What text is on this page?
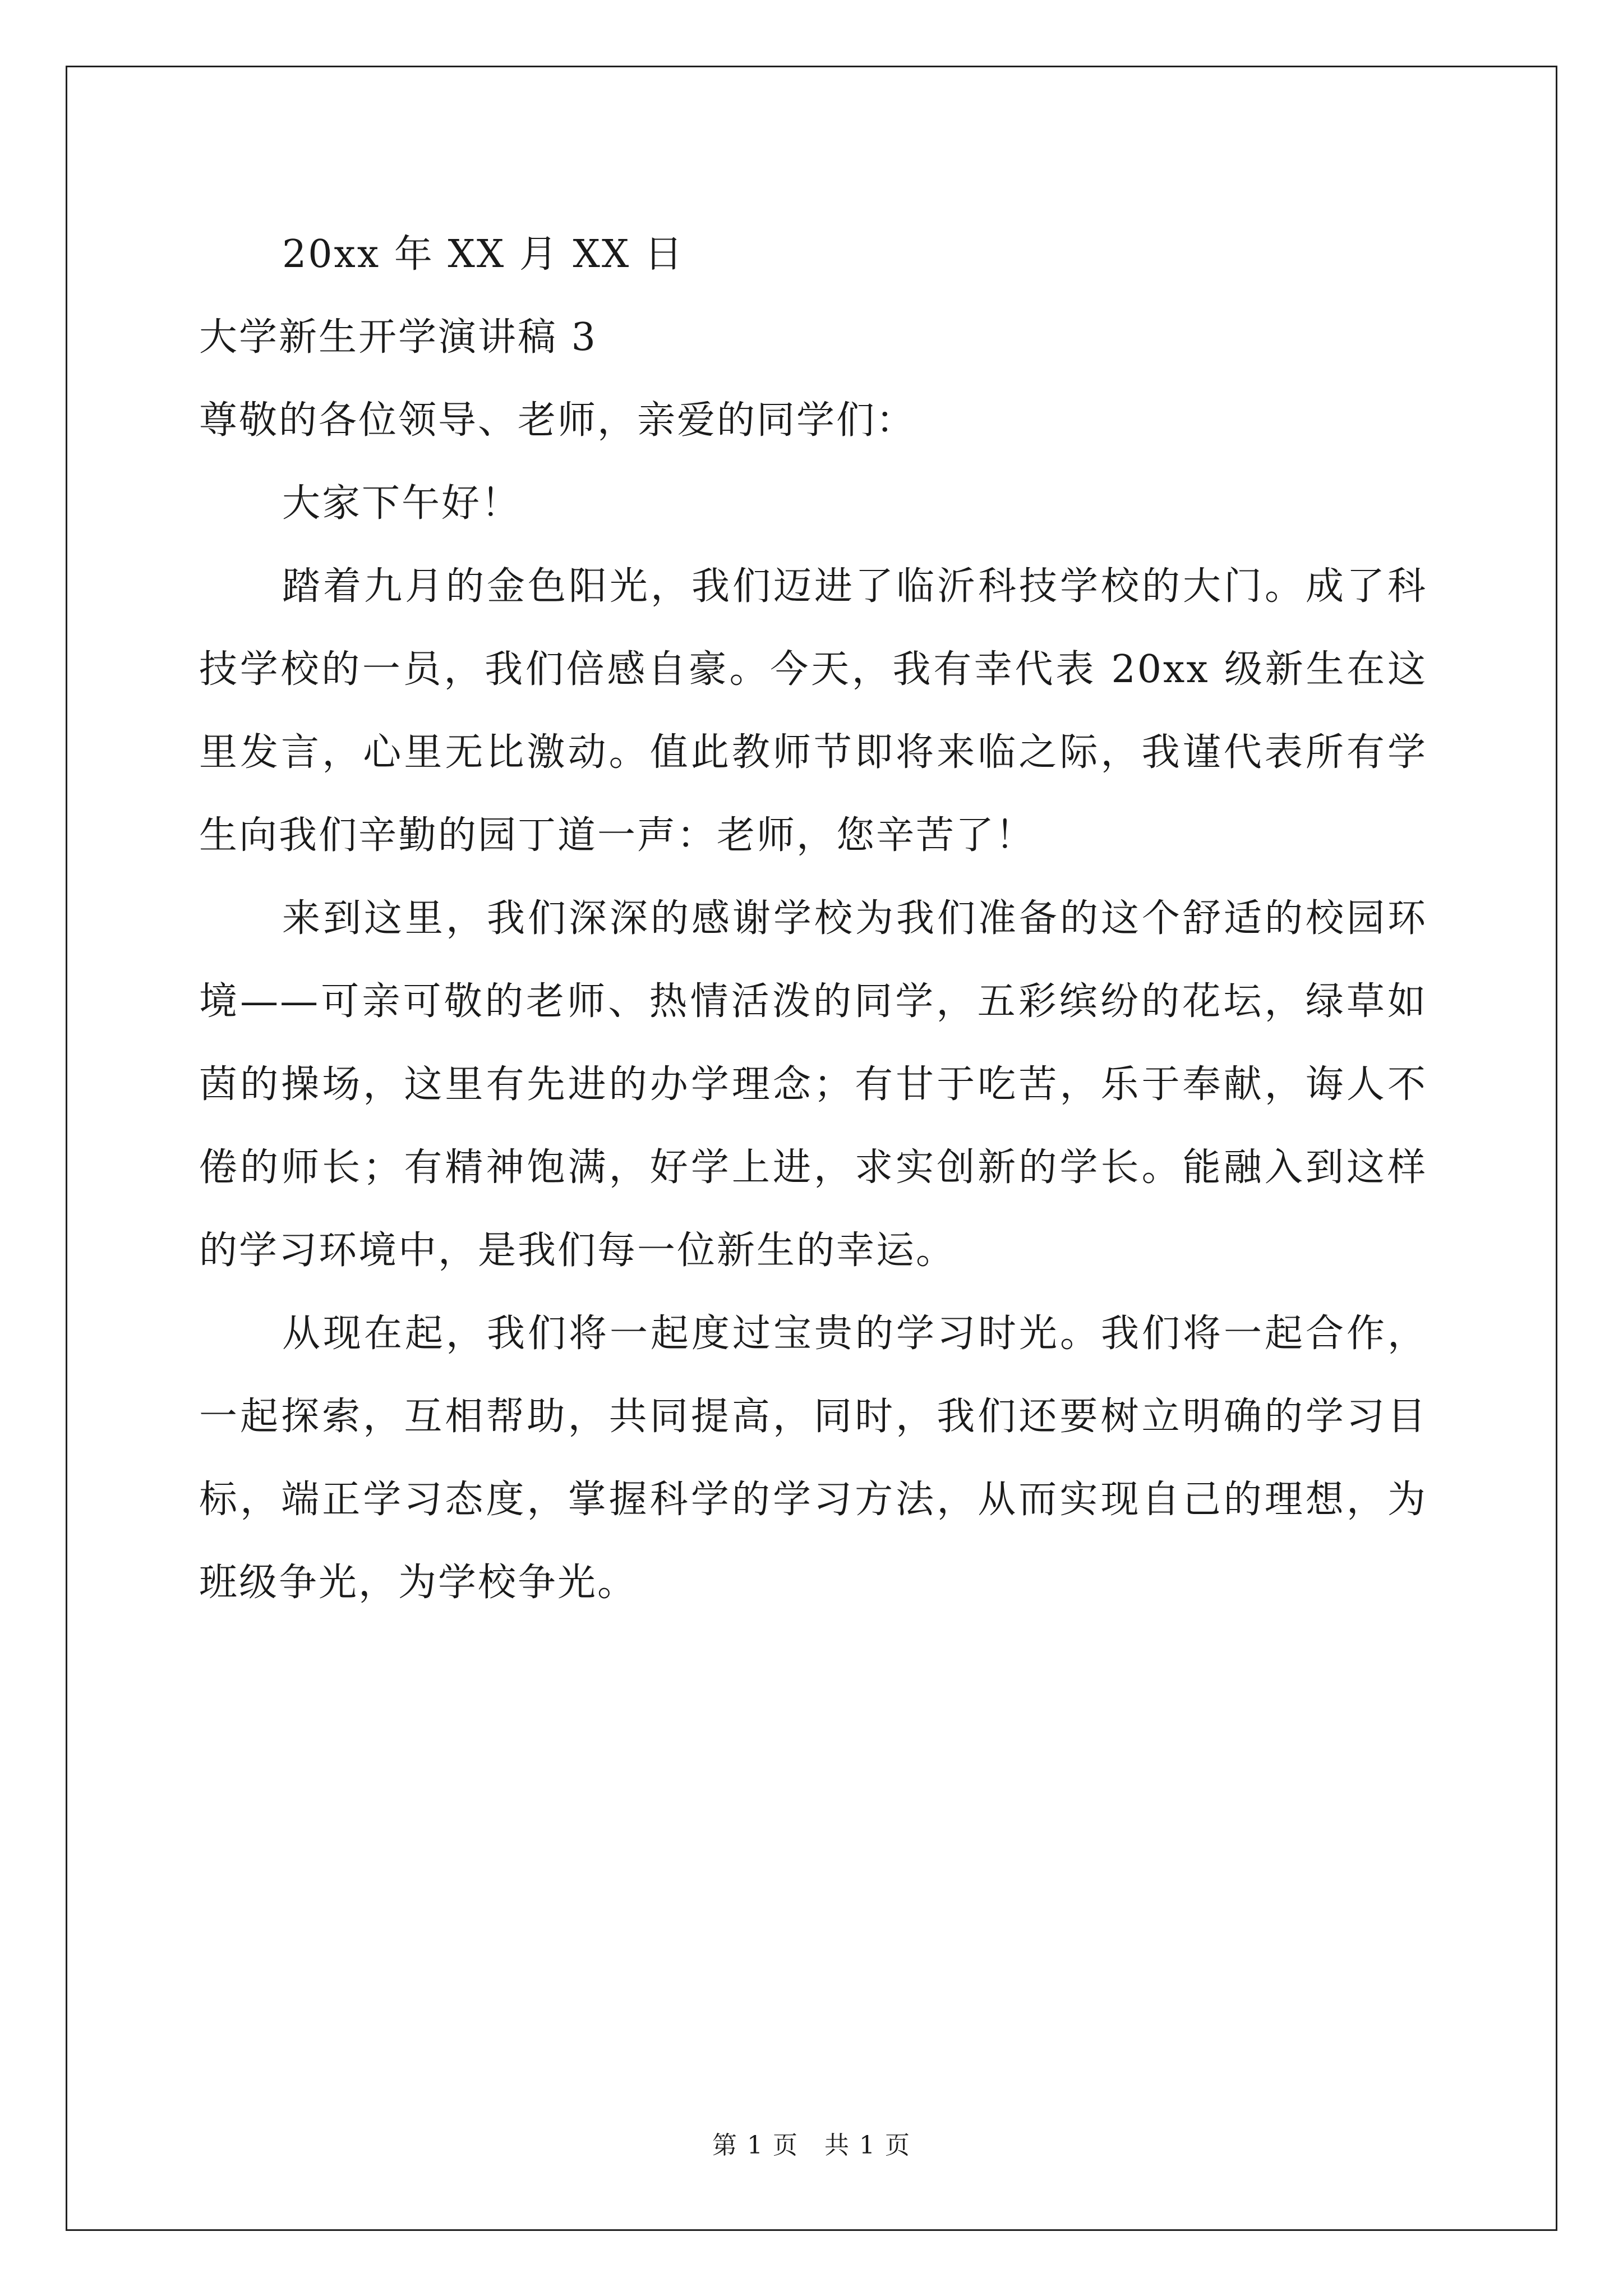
20xx 年 XX 月 XX 日

大学新生开学演讲稿 3

尊敬的各位领导、老师，亲爱的同学们：

大家下午好！

踏着九月的金色阳光，我们迈进了临沂科技学校的大门。成了科技学校的一员，我们倍感自豪。今天，我有幸代表 20xx 级新生在这里发言，心里无比激动。值此教师节即将来临之际，我谨代表所有学生向我们辛勤的园丁道一声：老师，您辛苦了！

来到这里，我们深深的感谢学校为我们准备的这个舒适的校园环境——可亲可敬的老师、热情活泼的同学，五彩缤纷的花坛，绿草如茵的操场，这里有先进的办学理念；有甘于吃苦，乐于奉献，诲人不倦的师长；有精神饱满，好学上进，求实创新的学长。能融入到这样的学习环境中，是我们每一位新生的幸运。

从现在起，我们将一起度过宝贵的学习时光。我们将一起合作，一起探索，互相帮助，共同提高，同时，我们还要树立明确的学习目标，端正学习态度，掌握科学的学习方法，从而实现自己的理想，为班级争光，为学校争光。

第 1 页　共 1 页
